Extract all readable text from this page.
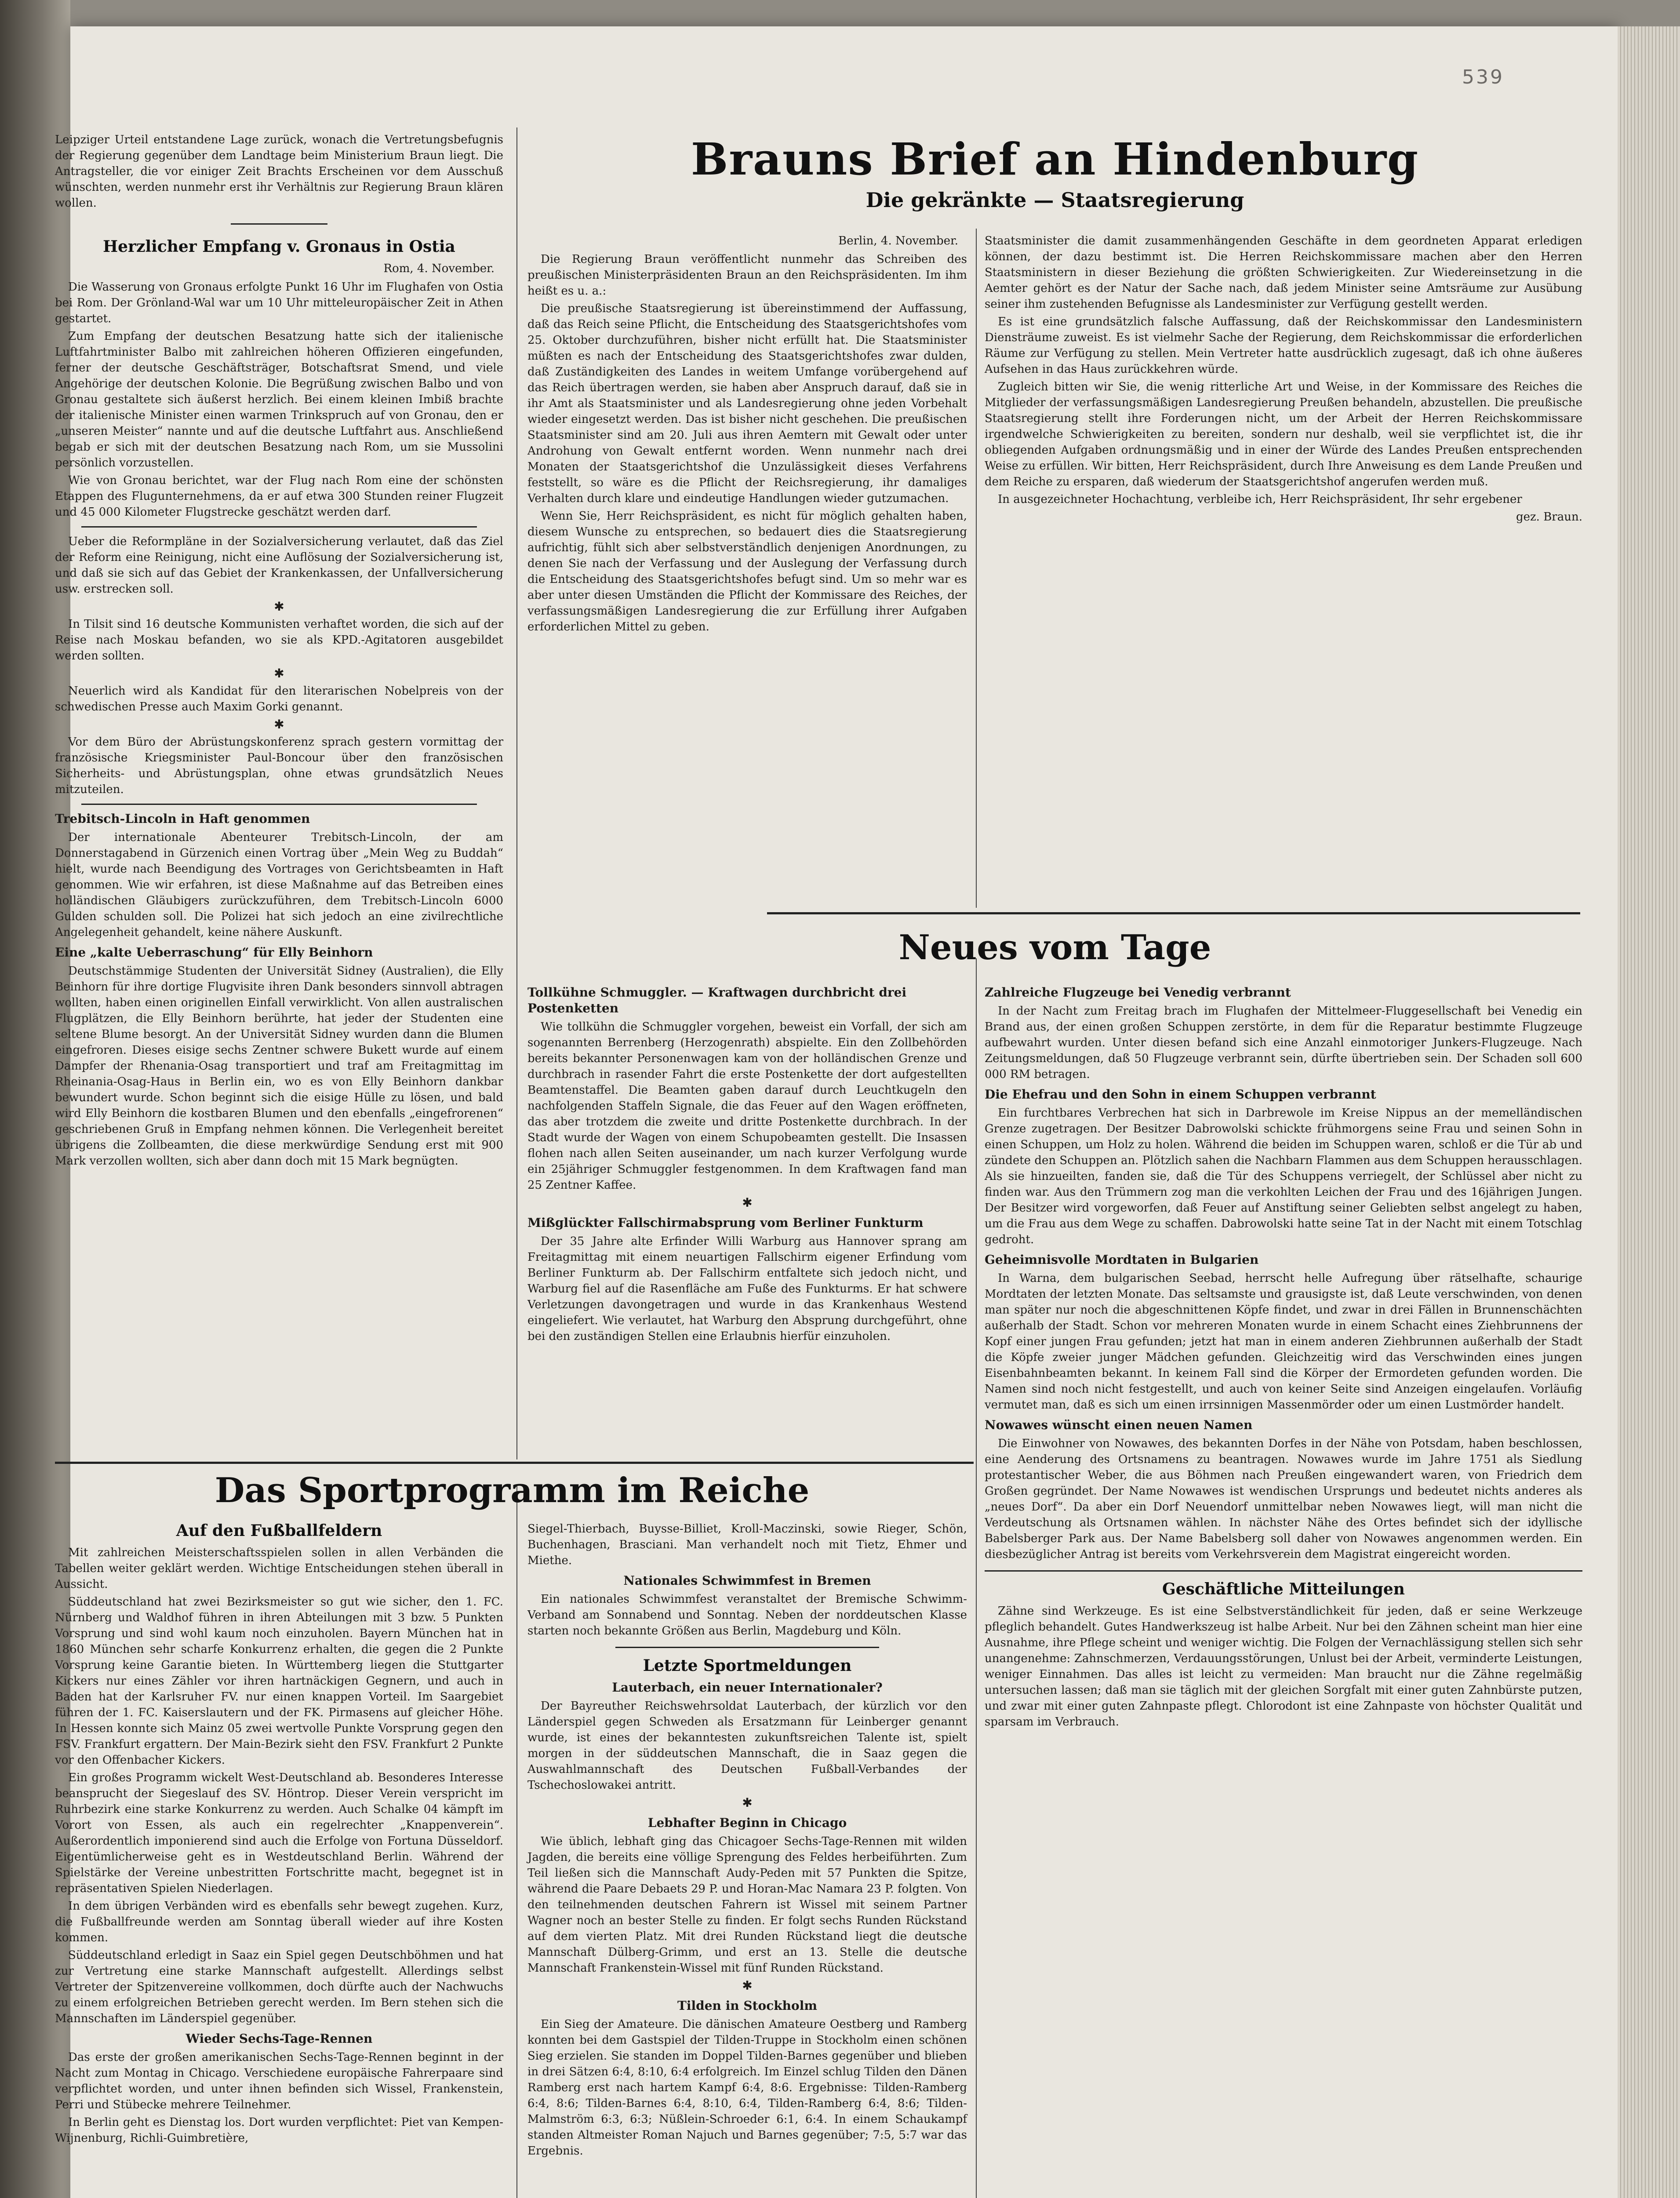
539

Leipziger Urteil entstandene Lage zurück, wonach die Vertretungsbefugnis der Regierung gegenüber dem Landtage beim Ministerium Braun liegt. Die Antragsteller, die vor einiger Zeit Brachts Erscheinen vor dem Ausschuß wünschten, werden nunmehr erst ihr Verhältnis zur Regierung Braun klären wollen.

Herzlicher Empfang v. Gronaus in Ostia
Rom, 4. November.

Die Wasserung von Gronaus erfolgte Punkt 16 Uhr im Flughafen von Ostia bei Rom. Der Grönland-Wal war um 10 Uhr mitteleuropäischer Zeit in Athen gestartet.

Zum Empfang der deutschen Besatzung hatte sich der italienische Luftfahrtminister Balbo mit zahlreichen höheren Offizieren eingefunden, ferner der deutsche Geschäftsträger, Botschaftsrat Smend, und viele Angehörige der deutschen Kolonie. Die Begrüßung zwischen Balbo und von Gronau gestaltete sich äußerst herzlich. Bei einem kleinen Imbiß brachte der italienische Minister einen warmen Trinkspruch auf von Gronau, den er „unseren Meister“ nannte und auf die deutsche Luftfahrt aus. Anschließend begab er sich mit der deutschen Besatzung nach Rom, um sie Mussolini persönlich vorzustellen.

Wie von Gronau berichtet, war der Flug nach Rom eine der schönsten Etappen des Flugunternehmens, da er auf etwa 300 Stunden reiner Flugzeit und 45 000 Kilometer Flugstrecke geschätzt werden darf.

Ueber die Reformpläne in der Sozialversicherung verlautet, daß das Ziel der Reform eine Reinigung, nicht eine Auflösung der Sozialversicherung ist, und daß sie sich auf das Gebiet der Krankenkassen, der Unfallversicherung usw. erstrecken soll.

✱

In Tilsit sind 16 deutsche Kommunisten verhaftet worden, die sich auf der Reise nach Moskau befanden, wo sie als KPD.-Agitatoren ausgebildet werden sollten.

✱

Neuerlich wird als Kandidat für den literarischen Nobelpreis von der schwedischen Presse auch Maxim Gorki genannt.

✱

Vor dem Büro der Abrüstungskonferenz sprach gestern vormittag der französische Kriegsminister Paul-Boncour über den französischen Sicherheits- und Abrüstungsplan, ohne etwas grundsätzlich Neues mitzuteilen.

Trebitsch-Lincoln in Haft genommen

Der internationale Abenteurer Trebitsch-Lincoln, der am Donnerstagabend in Gürzenich einen Vortrag über „Mein Weg zu Buddah“ hielt, wurde nach Beendigung des Vortrages von Gerichtsbeamten in Haft genommen. Wie wir erfahren, ist diese Maßnahme auf das Betreiben eines holländischen Gläubigers zurückzuführen, dem Trebitsch-Lincoln 6000 Gulden schulden soll. Die Polizei hat sich jedoch an eine zivilrechtliche Angelegenheit gehandelt, keine nähere Auskunft.

Eine „kalte Ueberraschung“ für Elly Beinhorn

Deutschstämmige Studenten der Universität Sidney (Australien), die Elly Beinhorn für ihre dortige Flugvisite ihren Dank besonders sinnvoll abtragen wollten, haben einen originellen Einfall verwirklicht. Von allen australischen Flugplätzen, die Elly Beinhorn berührte, hat jeder der Studenten eine seltene Blume besorgt. An der Universität Sidney wurden dann die Blumen eingefroren. Dieses eisige sechs Zentner schwere Bukett wurde auf einem Dampfer der Rhenania-Osag transportiert und traf am Freitagmittag im Rheinania-Osag-Haus in Berlin ein, wo es von Elly Beinhorn dankbar bewundert wurde. Schon beginnt sich die eisige Hülle zu lösen, und bald wird Elly Beinhorn die kostbaren Blumen und den ebenfalls „eingefrorenen“ geschriebenen Gruß in Empfang nehmen können. Die Verlegenheit bereitet übrigens die Zollbeamten, die diese merkwürdige Sendung erst mit 900 Mark verzollen wollten, sich aber dann doch mit 15 Mark begnügten.

Brauns Brief an Hindenburg
Die gekränkte — Staatsregierung
Berlin, 4. November.

Die Regierung Braun veröffentlicht nunmehr das Schreiben des preußischen Ministerpräsidenten Braun an den Reichspräsidenten. Im ihm heißt es u. a.:

Die preußische Staatsregierung ist übereinstimmend der Auffassung, daß das Reich seine Pflicht, die Entscheidung des Staatsgerichtshofes vom 25. Oktober durchzuführen, bisher nicht erfüllt hat. Die Staatsminister müßten es nach der Entscheidung des Staatsgerichtshofes zwar dulden, daß Zuständigkeiten des Landes in weitem Umfange vorübergehend auf das Reich übertragen werden, sie haben aber Anspruch darauf, daß sie in ihr Amt als Staatsminister und als Landesregierung ohne jeden Vorbehalt wieder eingesetzt werden. Das ist bisher nicht geschehen. Die preußischen Staatsminister sind am 20. Juli aus ihren Aemtern mit Gewalt oder unter Androhung von Gewalt entfernt worden. Wenn nunmehr nach drei Monaten der Staatsgerichtshof die Unzulässigkeit dieses Verfahrens feststellt, so wäre es die Pflicht der Reichsregierung, ihr damaliges Verhalten durch klare und eindeutige Handlungen wieder gutzumachen.

Wenn Sie, Herr Reichspräsident, es nicht für möglich gehalten haben, diesem Wunsche zu entsprechen, so bedauert dies die Staatsregierung aufrichtig, fühlt sich aber selbstverständlich denjenigen Anordnungen, zu denen Sie nach der Verfassung und der Auslegung der Verfassung durch die Entscheidung des Staatsgerichtshofes befugt sind. Um so mehr war es aber unter diesen Umständen die Pflicht der Kommissare des Reiches, der verfassungsmäßigen Landesregierung die zur Erfüllung ihrer Aufgaben erforderlichen Mittel zu geben.

Staatsminister die damit zusammenhängenden Geschäfte in dem geordneten Apparat erledigen können, der dazu bestimmt ist. Die Herren Reichskommissare machen aber den Herren Staatsministern in dieser Beziehung die größten Schwierigkeiten. Zur Wiedereinsetzung in die Aemter gehört es der Natur der Sache nach, daß jedem Minister seine Amtsräume zur Ausübung seiner ihm zustehenden Befugnisse als Landesminister zur Verfügung gestellt werden.

Es ist eine grundsätzlich falsche Auffassung, daß der Reichskommissar den Landesministern Diensträume zuweist. Es ist vielmehr Sache der Regierung, dem Reichskommissar die erforderlichen Räume zur Verfügung zu stellen. Mein Vertreter hatte ausdrücklich zugesagt, daß ich ohne äußeres Aufsehen in das Haus zurückkehren würde.

Zugleich bitten wir Sie, die wenig ritterliche Art und Weise, in der Kommissare des Reiches die Mitglieder der verfassungsmäßigen Landesregierung Preußen behandeln, abzustellen. Die preußische Staatsregierung stellt ihre Forderungen nicht, um der Arbeit der Herren Reichskommissare irgendwelche Schwierigkeiten zu bereiten, sondern nur deshalb, weil sie verpflichtet ist, die ihr obliegenden Aufgaben ordnungsmäßig und in einer der Würde des Landes Preußen entsprechenden Weise zu erfüllen. Wir bitten, Herr Reichspräsident, durch Ihre Anweisung es dem Lande Preußen und dem Reiche zu ersparen, daß wiederum der Staatsgerichtshof angerufen werden muß.

In ausgezeichneter Hochachtung, verbleibe ich, Herr Reichspräsident, Ihr sehr ergebener

gez. Braun.
Neues vom Tage
Tollkühne Schmuggler. — Kraftwagen durchbricht drei Postenketten

Wie tollkühn die Schmuggler vorgehen, beweist ein Vorfall, der sich am sogenannten Berrenberg (Herzogenrath) abspielte. Ein den Zollbehörden bereits bekannter Personenwagen kam von der holländischen Grenze und durchbrach in rasender Fahrt die erste Postenkette der dort aufgestellten Beamtenstaffel. Die Beamten gaben darauf durch Leuchtkugeln den nachfolgenden Staffeln Signale, die das Feuer auf den Wagen eröffneten, das aber trotzdem die zweite und dritte Postenkette durchbrach. In der Stadt wurde der Wagen von einem Schupobeamten gestellt. Die Insassen flohen nach allen Seiten auseinander, um nach kurzer Verfolgung wurde ein 25jähriger Schmuggler festgenommen. In dem Kraftwagen fand man 25 Zentner Kaffee.

✱
Mißglückter Fallschirmabsprung vom Berliner Funkturm

Der 35 Jahre alte Erfinder Willi Warburg aus Hannover sprang am Freitagmittag mit einem neuartigen Fallschirm eigener Erfindung vom Berliner Funkturm ab. Der Fallschirm entfaltete sich jedoch nicht, und Warburg fiel auf die Rasenfläche am Fuße des Funkturms. Er hat schwere Verletzungen davongetragen und wurde in das Krankenhaus Westend eingeliefert. Wie verlautet, hat Warburg den Absprung durchgeführt, ohne bei den zuständigen Stellen eine Erlaubnis hierfür einzuholen.

Zahlreiche Flugzeuge bei Venedig verbrannt

In der Nacht zum Freitag brach im Flughafen der Mittelmeer-Fluggesellschaft bei Venedig ein Brand aus, der einen großen Schuppen zerstörte, in dem für die Reparatur bestimmte Flugzeuge aufbewahrt wurden. Unter diesen befand sich eine Anzahl einmotoriger Junkers-Flugzeuge. Nach Zeitungsmeldungen, daß 50 Flugzeuge verbrannt sein, dürfte übertrieben sein. Der Schaden soll 600 000 RM betragen.

Die Ehefrau und den Sohn in einem Schuppen verbrannt

Ein furchtbares Verbrechen hat sich in Darbrewole im Kreise Nippus an der memelländischen Grenze zugetragen. Der Besitzer Dabrowolski schickte frühmorgens seine Frau und seinen Sohn in einen Schuppen, um Holz zu holen. Während die beiden im Schuppen waren, schloß er die Tür ab und zündete den Schuppen an. Plötzlich sahen die Nachbarn Flammen aus dem Schuppen herausschlagen. Als sie hinzueilten, fanden sie, daß die Tür des Schuppens verriegelt, der Schlüssel aber nicht zu finden war. Aus den Trümmern zog man die verkohlten Leichen der Frau und des 16jährigen Jungen. Der Besitzer wird vorgeworfen, daß Feuer auf Anstiftung seiner Geliebten selbst angelegt zu haben, um die Frau aus dem Wege zu schaffen. Dabrowolski hatte seine Tat in der Nacht mit einem Totschlag gedroht.

Geheimnisvolle Mordtaten in Bulgarien

In Warna, dem bulgarischen Seebad, herrscht helle Aufregung über rätselhafte, schaurige Mordtaten der letzten Monate. Das seltsamste und grausigste ist, daß Leute verschwinden, von denen man später nur noch die abgeschnittenen Köpfe findet, und zwar in drei Fällen in Brunnenschächten außerhalb der Stadt. Schon vor mehreren Monaten wurde in einem Schacht eines Ziehbrunnens der Kopf einer jungen Frau gefunden; jetzt hat man in einem anderen Ziehbrunnen außerhalb der Stadt die Köpfe zweier junger Mädchen gefunden. Gleichzeitig wird das Verschwinden eines jungen Eisenbahnbeamten bekannt. In keinem Fall sind die Körper der Ermordeten gefunden worden. Die Namen sind noch nicht festgestellt, und auch von keiner Seite sind Anzeigen eingelaufen. Vorläufig vermutet man, daß es sich um einen irrsinnigen Massenmörder oder um einen Lustmörder handelt.

Nowawes wünscht einen neuen Namen

Die Einwohner von Nowawes, des bekannten Dorfes in der Nähe von Potsdam, haben beschlossen, eine Aenderung des Ortsnamens zu beantragen. Nowawes wurde im Jahre 1751 als Siedlung protestantischer Weber, die aus Böhmen nach Preußen eingewandert waren, von Friedrich dem Großen gegründet. Der Name Nowawes ist wendischen Ursprungs und bedeutet nichts anderes als „neues Dorf“. Da aber ein Dorf Neuendorf unmittelbar neben Nowawes liegt, will man nicht die Verdeutschung als Ortsnamen wählen. In nächster Nähe des Ortes befindet sich der idyllische Babelsberger Park aus. Der Name Babelsberg soll daher von Nowawes angenommen werden. Ein diesbezüglicher Antrag ist bereits vom Verkehrsverein dem Magistrat eingereicht worden.

Geschäftliche Mitteilungen

Zähne sind Werkzeuge. Es ist eine Selbstverständlichkeit für jeden, daß er seine Werkzeuge pfleglich behandelt. Gutes Handwerkszeug ist halbe Arbeit. Nur bei den Zähnen scheint man hier eine Ausnahme, ihre Pflege scheint und weniger wichtig. Die Folgen der Vernachlässigung stellen sich sehr unangenehme: Zahnschmerzen, Verdauungsstörungen, Unlust bei der Arbeit, verminderte Leistungen, weniger Einnahmen. Das alles ist leicht zu vermeiden: Man braucht nur die Zähne regelmäßig untersuchen lassen; daß man sie täglich mit der gleichen Sorgfalt mit einer guten Zahnbürste putzen, und zwar mit einer guten Zahnpaste pflegt. Chlorodont ist eine Zahnpaste von höchster Qualität und sparsam im Verbrauch.

Das Sportprogramm im Reiche
Auf den Fußballfeldern

Mit zahlreichen Meisterschaftsspielen sollen in allen Verbänden die Tabellen weiter geklärt werden. Wichtige Entscheidungen stehen überall in Aussicht.

Süddeutschland hat zwei Bezirksmeister so gut wie sicher, den 1. FC. Nürnberg und Waldhof führen in ihren Abteilungen mit 3 bzw. 5 Punkten Vorsprung und sind wohl kaum noch einzuholen. Bayern München hat in 1860 München sehr scharfe Konkurrenz erhalten, die gegen die 2 Punkte Vorsprung keine Garantie bieten. In Württemberg liegen die Stuttgarter Kickers nur eines Zähler vor ihren hartnäckigen Gegnern, und auch in Baden hat der Karlsruher FV. nur einen knappen Vorteil. Im Saargebiet führen der 1. FC. Kaiserslautern und der FK. Pirmasens auf gleicher Höhe. In Hessen konnte sich Mainz 05 zwei wertvolle Punkte Vorsprung gegen den FSV. Frankfurt ergattern. Der Main-Bezirk sieht den FSV. Frankfurt 2 Punkte vor den Offenbacher Kickers.

Ein großes Programm wickelt West-Deutschland ab. Besonderes Interesse beansprucht der Siegeslauf des SV. Höntrop. Dieser Verein verspricht im Ruhrbezirk eine starke Konkurrenz zu werden. Auch Schalke 04 kämpft im Vorort von Essen, als auch ein regelrechter „Knappenverein“. Außerordentlich imponierend sind auch die Erfolge von Fortuna Düsseldorf. Eigentümlicherweise geht es in Westdeutschland Berlin. Während der Spielstärke der Vereine unbestritten Fortschritte macht, begegnet ist in repräsentativen Spielen Niederlagen.

In dem übrigen Verbänden wird es ebenfalls sehr bewegt zugehen. Kurz, die Fußballfreunde werden am Sonntag überall wieder auf ihre Kosten kommen.

Süddeutschland erledigt in Saaz ein Spiel gegen Deutschböhmen und hat zur Vertretung eine starke Mannschaft aufgestellt. Allerdings selbst Vertreter der Spitzenvereine vollkommen, doch dürfte auch der Nachwuchs zu einem erfolgreichen Betrieben gerecht werden. Im Bern stehen sich die Mannschaften im Länderspiel gegenüber.

Wieder Sechs-Tage-Rennen

Das erste der großen amerikanischen Sechs-Tage-Rennen beginnt in der Nacht zum Montag in Chicago. Verschiedene europäische Fahrerpaare sind verpflichtet worden, und unter ihnen befinden sich Wissel, Frankenstein, Perri und Stübecke mehrere Teilnehmer.

In Berlin geht es Dienstag los. Dort wurden verpflichtet: Piet van Kempen-Wijnenburg, Richli-Guimbretière,

Siegel-Thierbach, Buysse-Billiet, Kroll-Maczinski, sowie Rieger, Schön, Buchenhagen, Brasciani. Man verhandelt noch mit Tietz, Ehmer und Miethe.

Nationales Schwimmfest in Bremen

Ein nationales Schwimmfest veranstaltet der Bremische Schwimm-Verband am Sonnabend und Sonntag. Neben der norddeutschen Klasse starten noch bekannte Größen aus Berlin, Magdeburg und Köln.

Letzte Sportmeldungen
Lauterbach, ein neuer Internationaler?

Der Bayreuther Reichswehrsoldat Lauterbach, der kürzlich vor den Länderspiel gegen Schweden als Ersatzmann für Leinberger genannt wurde, ist eines der bekanntesten zukunftsreichen Talente ist, spielt morgen in der süddeutschen Mannschaft, die in Saaz gegen die Auswahlmannschaft des Deutschen Fußball-Verbandes der Tschechoslowakei antritt.

✱
Lebhafter Beginn in Chicago

Wie üblich, lebhaft ging das Chicagoer Sechs-Tage-Rennen mit wilden Jagden, die bereits eine völlige Sprengung des Feldes herbeiführten. Zum Teil ließen sich die Mannschaft Audy-Peden mit 57 Punkten die Spitze, während die Paare Debaets 29 P. und Horan-Mac Namara 23 P. folgten. Von den teilnehmenden deutschen Fahrern ist Wissel mit seinem Partner Wagner noch an bester Stelle zu finden. Er folgt sechs Runden Rückstand auf dem vierten Platz. Mit drei Runden Rückstand liegt die deutsche Mannschaft Dülberg-Grimm, und erst an 13. Stelle die deutsche Mannschaft Frankenstein-Wissel mit fünf Runden Rückstand.

✱
Tilden in Stockholm

Ein Sieg der Amateure. Die dänischen Amateure Oestberg und Ramberg konnten bei dem Gastspiel der Tilden-Truppe in Stockholm einen schönen Sieg erzielen. Sie standen im Doppel Tilden-Barnes gegenüber und blieben in drei Sätzen 6:4, 8:10, 6:4 erfolgreich. Im Einzel schlug Tilden den Dänen Ramberg erst nach hartem Kampf 6:4, 8:6. Ergebnisse: Tilden-Ramberg 6:4, 8:6; Tilden-Barnes 6:4, 8:10, 6:4, Tilden-Ramberg 6:4, 8:6; Tilden-Malmström 6:3, 6:3; Nüßlein-Schroeder 6:1, 6:4. In einem Schaukampf standen Altmeister Roman Najuch und Barnes gegenüber; 7:5, 5:7 war das Ergebnis.
